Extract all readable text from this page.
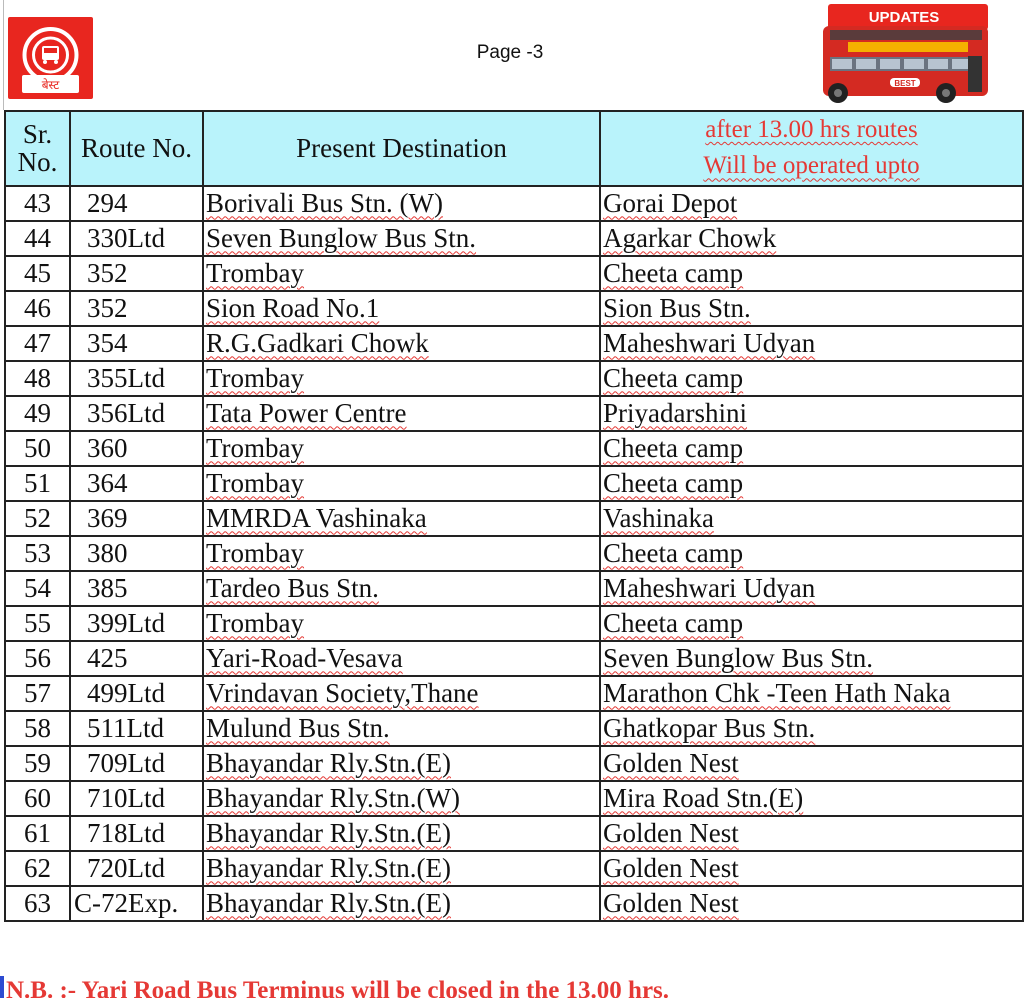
बेस्ट
Page -3
UPDATES
BEST
Sr.
No.	Route No.	Present Destination	after 13.00 hrs routes
Will be operated upto
43	294	Borivali Bus Stn. (W)	Gorai Depot
44	330Ltd	Seven Bunglow Bus Stn.	Agarkar Chowk
45	352	Trombay	Cheeta camp
46	352	Sion Road No.1	Sion Bus Stn.
47	354	R.G.Gadkari Chowk	Maheshwari Udyan
48	355Ltd	Trombay	Cheeta camp
49	356Ltd	Tata Power Centre	Priyadarshini
50	360	Trombay	Cheeta camp
51	364	Trombay	Cheeta camp
52	369	MMRDA Vashinaka	Vashinaka
53	380	Trombay	Cheeta camp
54	385	Tardeo Bus Stn.	Maheshwari Udyan
55	399Ltd	Trombay	Cheeta camp
56	425	Yari-Road-Vesava	Seven Bunglow Bus Stn.
57	499Ltd	Vrindavan Society,Thane	Marathon Chk -Teen Hath Naka
58	511Ltd	Mulund Bus Stn.	Ghatkopar Bus Stn.
59	709Ltd	Bhayandar Rly.Stn.(E)	Golden Nest
60	710Ltd	Bhayandar Rly.Stn.(W)	Mira Road Stn.(E)
61	718Ltd	Bhayandar Rly.Stn.(E)	Golden Nest
62	720Ltd	Bhayandar Rly.Stn.(E)	Golden Nest
63	C-72Exp.	Bhayandar Rly.Stn.(E)	Golden Nest
N.B. :- Yari Road Bus Terminus will be closed in the 13.00 hrs.
